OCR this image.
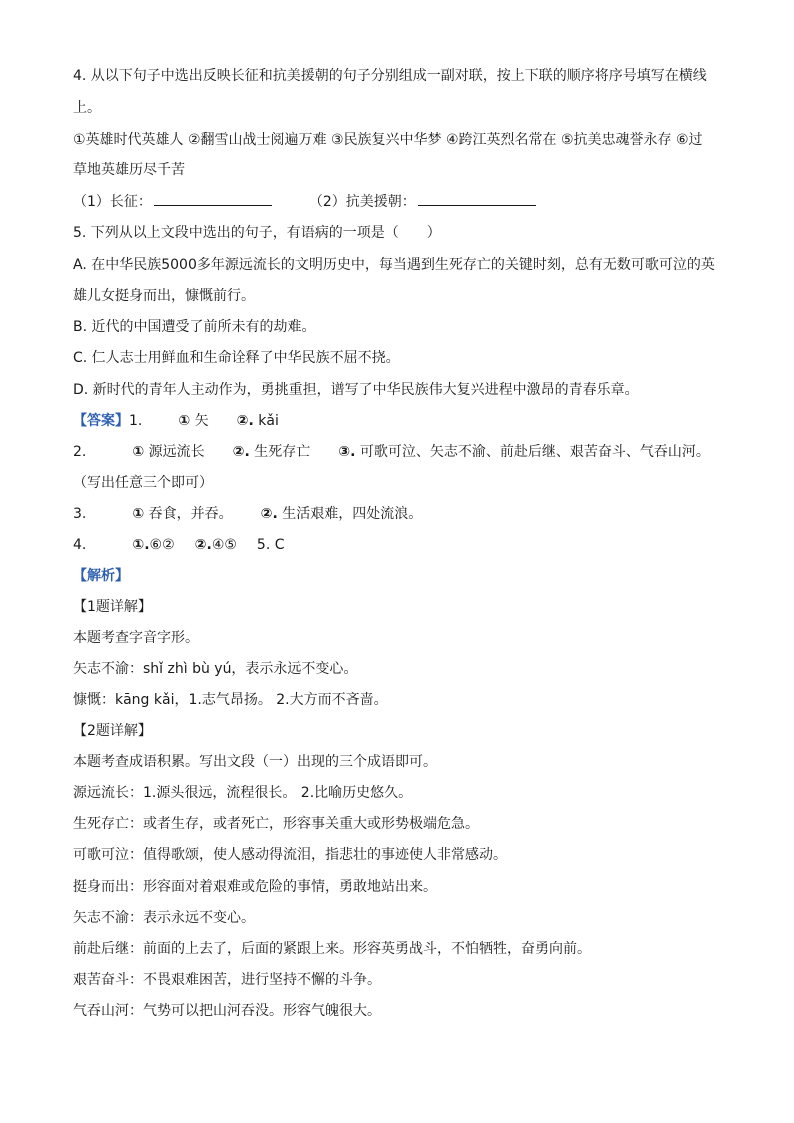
4. 从以下句子中选出反映长征和抗美援朝的句子分别组成一副对联，按上下联的顺序将序号填写在横线
上。
①英雄时代英雄人 ②翻雪山战士阅遍万难 ③民族复兴中华梦 ④跨江英烈名常在 ⑤抗美忠魂誉永存 ⑥过
草地英雄历尽千苦
（1）长征：	（2）抗美援朝：
5. 下列从以上文段中选出的句子，有语病的一项是（　　）
A. 在中华民族5000多年源远流长的文明历史中，每当遇到生死存亡的关键时刻，总有无数可歌可泣的英
雄儿女挺身而出，慷慨前行。
B. 近代的中国遭受了前所未有的劫难。
C. 仁人志士用鲜血和生命诠释了中华民族不屈不挠。
D. 新时代的青年人主动作为，勇挑重担，谱写了中华民族伟大复兴进程中激昂的青春乐章。
【答案】1.	① 矢 ②. kǎi
2.	① 源远流长 ②. 生死存亡 ③. 可歌可泣、矢志不渝、前赴后继、艰苦奋斗、气吞山河。
（写出任意三个即可）
3.	① 吞食，并吞。 ②. 生活艰难，四处流浪。
4.	①.⑥② ②.④⑤ 5. C
【解析】
【1题详解】
本题考查字音字形。
矢志不渝：shǐ zhì bù yú，表示永远不变心。
慷慨：kāng kǎi，1.志气昂扬。 2.大方而不吝啬。
【2题详解】
本题考查成语积累。写出文段（一）出现的三个成语即可。
源远流长：1.源头很远，流程很长。 2.比喻历史悠久。
生死存亡：或者生存，或者死亡，形容事关重大或形势极端危急。
可歌可泣：值得歌颂，使人感动得流泪，指悲壮的事迹使人非常感动。
挺身而出：形容面对着艰难或危险的事情，勇敢地站出来。
矢志不渝：表示永远不变心。
前赴后继：前面的上去了，后面的紧跟上来。形容英勇战斗，不怕牺牲，奋勇向前。
艰苦奋斗：不畏艰难困苦，进行坚持不懈的斗争。
气吞山河：气势可以把山河吞没。形容气魄很大。
